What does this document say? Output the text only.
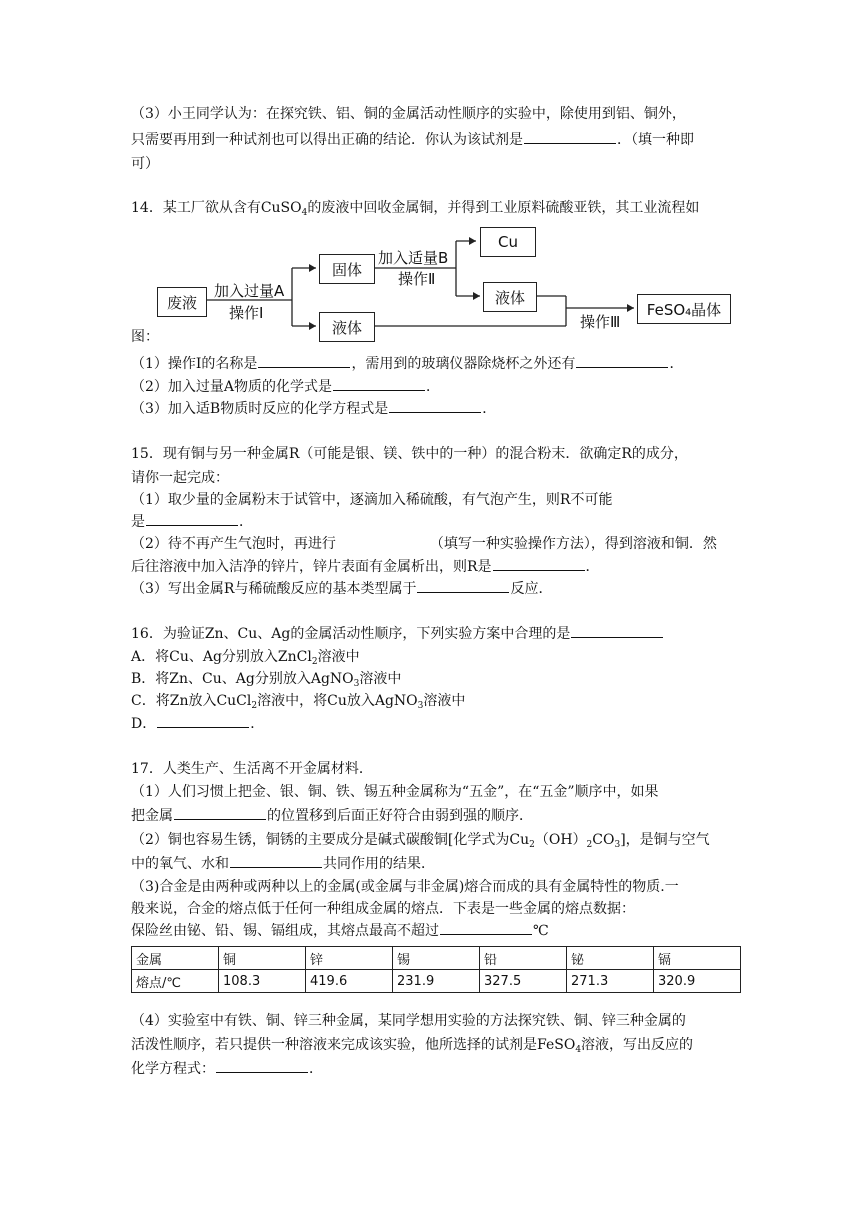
（3）小王同学认为：在探究铁、铝、铜的金属活动性顺序的实验中，除使用到铝、铜外，
只需要再用到一种试剂也可以得出正确的结论．你认为该试剂是	．（填一种即
可）
14．某工厂欲从含有CuSO$_4$的废液中回收金属铜，并得到工业原料硫酸亚铁，其工业流程如
废液
固体
液体
Cu
液体
FeSO₄晶体
加入过量A
操作Ⅰ
加入适量B
操作Ⅱ
操作Ⅲ
图：
（1）操作Ⅰ的名称是	，需用到的玻璃仪器除烧杯之外还有	．
（2）加入过量A物质的化学式是	．
（3）加入适B物质时反应的化学方程式是	．
15．现有铜与另一种金属R（可能是银、镁、铁中的一种）的混合粉末．欲确定R的成分，
请你一起完成：
（1）取少量的金属粉末于试管中，逐滴加入稀硫酸，有气泡产生，则R不可能
是	．
（2）待不再产生气泡时，再进行	（填写一种实验操作方法），得到溶液和铜．然
后往溶液中加入洁净的锌片，锌片表面有金属析出，则R是	．
（3）写出金属R与稀硫酸反应的基本类型属于	反应．
16．为验证Zn、Cu、Ag的金属活动性顺序，下列实验方案中合理的是
A．将Cu、Ag分别放入ZnCl$_2$溶液中
B．将Zn、Cu、Ag分别放入AgNO$_3$溶液中
C．将Zn放入CuCl$_2$溶液中，将Cu放入AgNO$_3$溶液中
D．	．
17．人类生产、生活离不开金属材料．
（1）人们习惯上把金、银、铜、铁、锡五种金属称为“五金”，在“五金”顺序中，如果
把金属	的位置移到后面正好符合由弱到强的顺序．
（2）铜也容易生锈，铜锈的主要成分是碱式碳酸铜[化学式为$Cu_2(OH)_2CO_3$]，是铜与空气
中的氧气、水和	共同作用的结果．
（3)合金是由两种或两种以上的金属(或金属与非金属)熔合而成的具有金属特性的物质.一
般来说，合金的熔点低于任何一种组成金属的熔点．下表是一些金属的熔点数据：
保险丝由铋、铅、锡、镉组成，其熔点最高不超过	℃
金属	铜	锌	锡	铅	铋	镉
熔点/℃	108.3	419.6	231.9	327.5	271.3	320.9
（4）实验室中有铁、铜、锌三种金属，某同学想用实验的方法探究铁、铜、锌三种金属的
活泼性顺序，若只提供一种溶液来完成该实验，他所选择的试剂是FeSO$_4$溶液，写出反应的
化学方程式：	．
